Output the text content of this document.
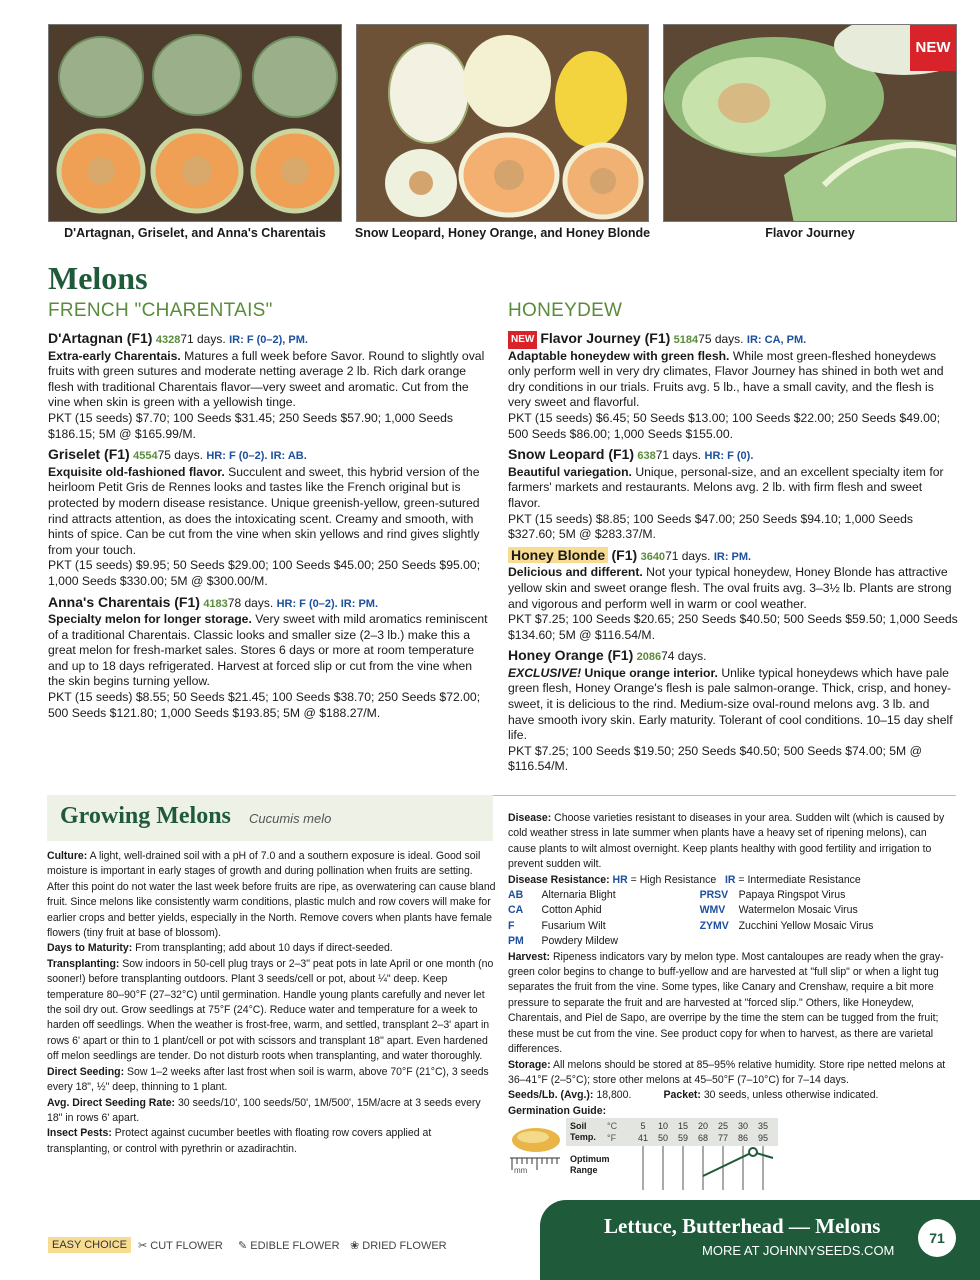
NEW
D'Artagnan, Griselet, and Anna's Charentais	Snow Leopard, Honey Orange, and Honey Blonde	Flavor Journey
Melons
FRENCH "CHARENTAIS"	HONEYDEW
D'Artagnan (F1) 432871 days. IR: F (0–2), PM.
Extra-early Charentais. Matures a full week before Savor. Round to slightly oval fruits with green sutures and moderate netting average 2 lb. Rich dark orange flesh with traditional Charentais flavor—very sweet and aromatic. Cut from the vine when skin is green with a yellowish tinge.
PKT (15 seeds) $7.70; 100 Seeds $31.45; 250 Seeds $57.90; 1,000 Seeds $186.15; 5M @ $165.99/M.
Griselet (F1) 455475 days. HR: F (0–2). IR: AB.
Exquisite old-fashioned flavor. Succulent and sweet, this hybrid version of the heirloom Petit Gris de Rennes looks and tastes like the French original but is protected by modern disease resistance. Unique greenish-yellow, green-sutured rind attracts attention, as does the intoxicating scent. Creamy and smooth, with hints of spice. Can be cut from the vine when skin yellows and rind gives slightly from your touch.
PKT (15 seeds) $9.95; 50 Seeds $29.00; 100 Seeds $45.00; 250 Seeds $95.00; 1,000 Seeds $330.00; 5M @ $300.00/M.
Anna's Charentais (F1) 418378 days. HR: F (0–2). IR: PM.
Specialty melon for longer storage. Very sweet with mild aromatics reminiscent of a traditional Charentais. Classic looks and smaller size (2–3 lb.) make this a great melon for fresh-market sales. Stores 6 days or more at room temperature and up to 18 days refrigerated. Harvest at forced slip or cut from the vine when the skin begins turning yellow.
PKT (15 seeds) $8.55; 50 Seeds $21.45; 100 Seeds $38.70; 250 Seeds $72.00; 500 Seeds $121.80; 1,000 Seeds $193.85; 5M @ $188.27/M.
NEW Flavor Journey (F1) 518475 days. IR: CA, PM.
Adaptable honeydew with green flesh. While most green-fleshed honeydews only perform well in very dry climates, Flavor Journey has shined in both wet and dry conditions in our trials. Fruits avg. 5 lb., have a small cavity, and the flesh is very sweet and flavorful.
PKT (15 seeds) $6.45; 50 Seeds $13.00; 100 Seeds $22.00; 250 Seeds $49.00; 500 Seeds $86.00; 1,000 Seeds $155.00.
Snow Leopard (F1) 63871 days. HR: F (0).
Beautiful variegation. Unique, personal-size, and an excellent specialty item for farmers' markets and restaurants. Melons avg. 2 lb. with firm flesh and sweet flavor.
PKT (15 seeds) $8.85; 100 Seeds $47.00; 250 Seeds $94.10; 1,000 Seeds $327.60; 5M @ $283.37/M.
Honey Blonde (F1) 364071 days. IR: PM.
Delicious and different. Not your typical honeydew, Honey Blonde has attractive yellow skin and sweet orange flesh. The oval fruits avg. 3–3½ lb. Plants are strong and vigorous and perform well in warm or cool weather.
PKT $7.25; 100 Seeds $20.65; 250 Seeds $40.50; 500 Seeds $59.50; 1,000 Seeds $134.60; 5M @ $116.54/M.
Honey Orange (F1) 208674 days.
EXCLUSIVE! Unique orange interior. Unlike typical honeydews which have pale green flesh, Honey Orange's flesh is pale salmon-orange. Thick, crisp, and honey-sweet, it is delicious to the rind. Medium-size oval-round melons avg. 3 lb. and have smooth ivory skin. Early maturity. Tolerant of cool conditions. 10–15 day shelf life.
PKT $7.25; 100 Seeds $19.50; 250 Seeds $40.50; 500 Seeds $74.00; 5M @ $116.54/M.
Growing Melons Cucumis melo

Culture: A light, well-drained soil with a pH of 7.0 and a southern exposure is ideal. Good soil moisture is important in early stages of growth and during pollination when fruits are setting. After this point do not water the last week before fruits are ripe, as overwatering can cause bland fruit. Since melons like consistently warm conditions, plastic mulch and row covers will make for earlier crops and better yields, especially in the North. Remove covers when plants have female flowers (tiny fruit at base of blossom).

Days to Maturity: From transplanting; add about 10 days if direct-seeded.

Transplanting: Sow indoors in 50-cell plug trays or 2–3" peat pots in late April or one month (no sooner!) before transplanting outdoors. Plant 3 seeds/cell or pot, about ¼" deep. Keep temperature 80–90°F (27–32°C) until germination. Handle young plants carefully and never let the soil dry out. Grow seedlings at 75°F (24°C). Reduce water and temperature for a week to harden off seedlings. When the weather is frost-free, warm, and settled, transplant 2–3' apart in rows 6' apart or thin to 1 plant/cell or pot with scissors and transplant 18" apart. Even hardened off melon seedlings are tender. Do not disturb roots when transplanting, and water thoroughly.

Direct Seeding: Sow 1–2 weeks after last frost when soil is warm, above 70°F (21°C), 3 seeds every 18", ½" deep, thinning to 1 plant.

Avg. Direct Seeding Rate: 30 seeds/10', 100 seeds/50', 1M/500', 15M/acre at 3 seeds every 18" in rows 6' apart.

Insect Pests: Protect against cucumber beetles with floating row covers applied at transplanting, or control with pyrethrin or azadirachtin.

Disease: Choose varieties resistant to diseases in your area. Sudden wilt (which is caused by cold weather stress in late summer when plants have a heavy set of ripening melons), can cause plants to wilt almost overnight. Keep plants healthy with good fertility and irrigation to prevent sudden wilt.

Disease Resistance: HR = High Resistance IR = Intermediate Resistance

AB	Alternaria Blight	PRSV Papaya Ringspot Virus
CA	Cotton Aphid	WMV	Watermelon Mosaic Virus
F	Fusarium Wilt	ZYMV Zucchini Yellow Mosaic Virus
PM	Powdery Mildew

Harvest: Ripeness indicators vary by melon type. Most cantaloupes are ready when the gray-green color begins to change to buff-yellow and are harvested at "full slip" or when a light tug separates the fruit from the vine. Some types, like Canary and Crenshaw, require a bit more pressure to separate the fruit and are harvested at "forced slip." Others, like Honeydew, Charentais, and Piel de Sapo, are overripe by the time the stem can be tugged from the fruit; these must be cut from the vine. See product copy for when to harvest, as there are varietal differences.

Storage: All melons should be stored at 85–95% relative humidity. Store ripe netted melons at 36–41°F (2–5°C); store other melons at 45–50°F (7–10°C) for 7–14 days.

Seeds/Lb. (Avg.): 18,800.	Packet: 30 seeds, unless otherwise indicated.

Germination Guide:

Soil Temp.
°C
°F
5	10	15	20	25	30	35
41	50	59	68	77	86	95
Optimum Range
mm
EASY CHOICE	✂ CUT FLOWER ✎ EDIBLE FLOWER ❀ DRIED FLOWER
Lettuce, Butterhead — Melons
MORE AT JOHNNYSEEDS.COM
71
